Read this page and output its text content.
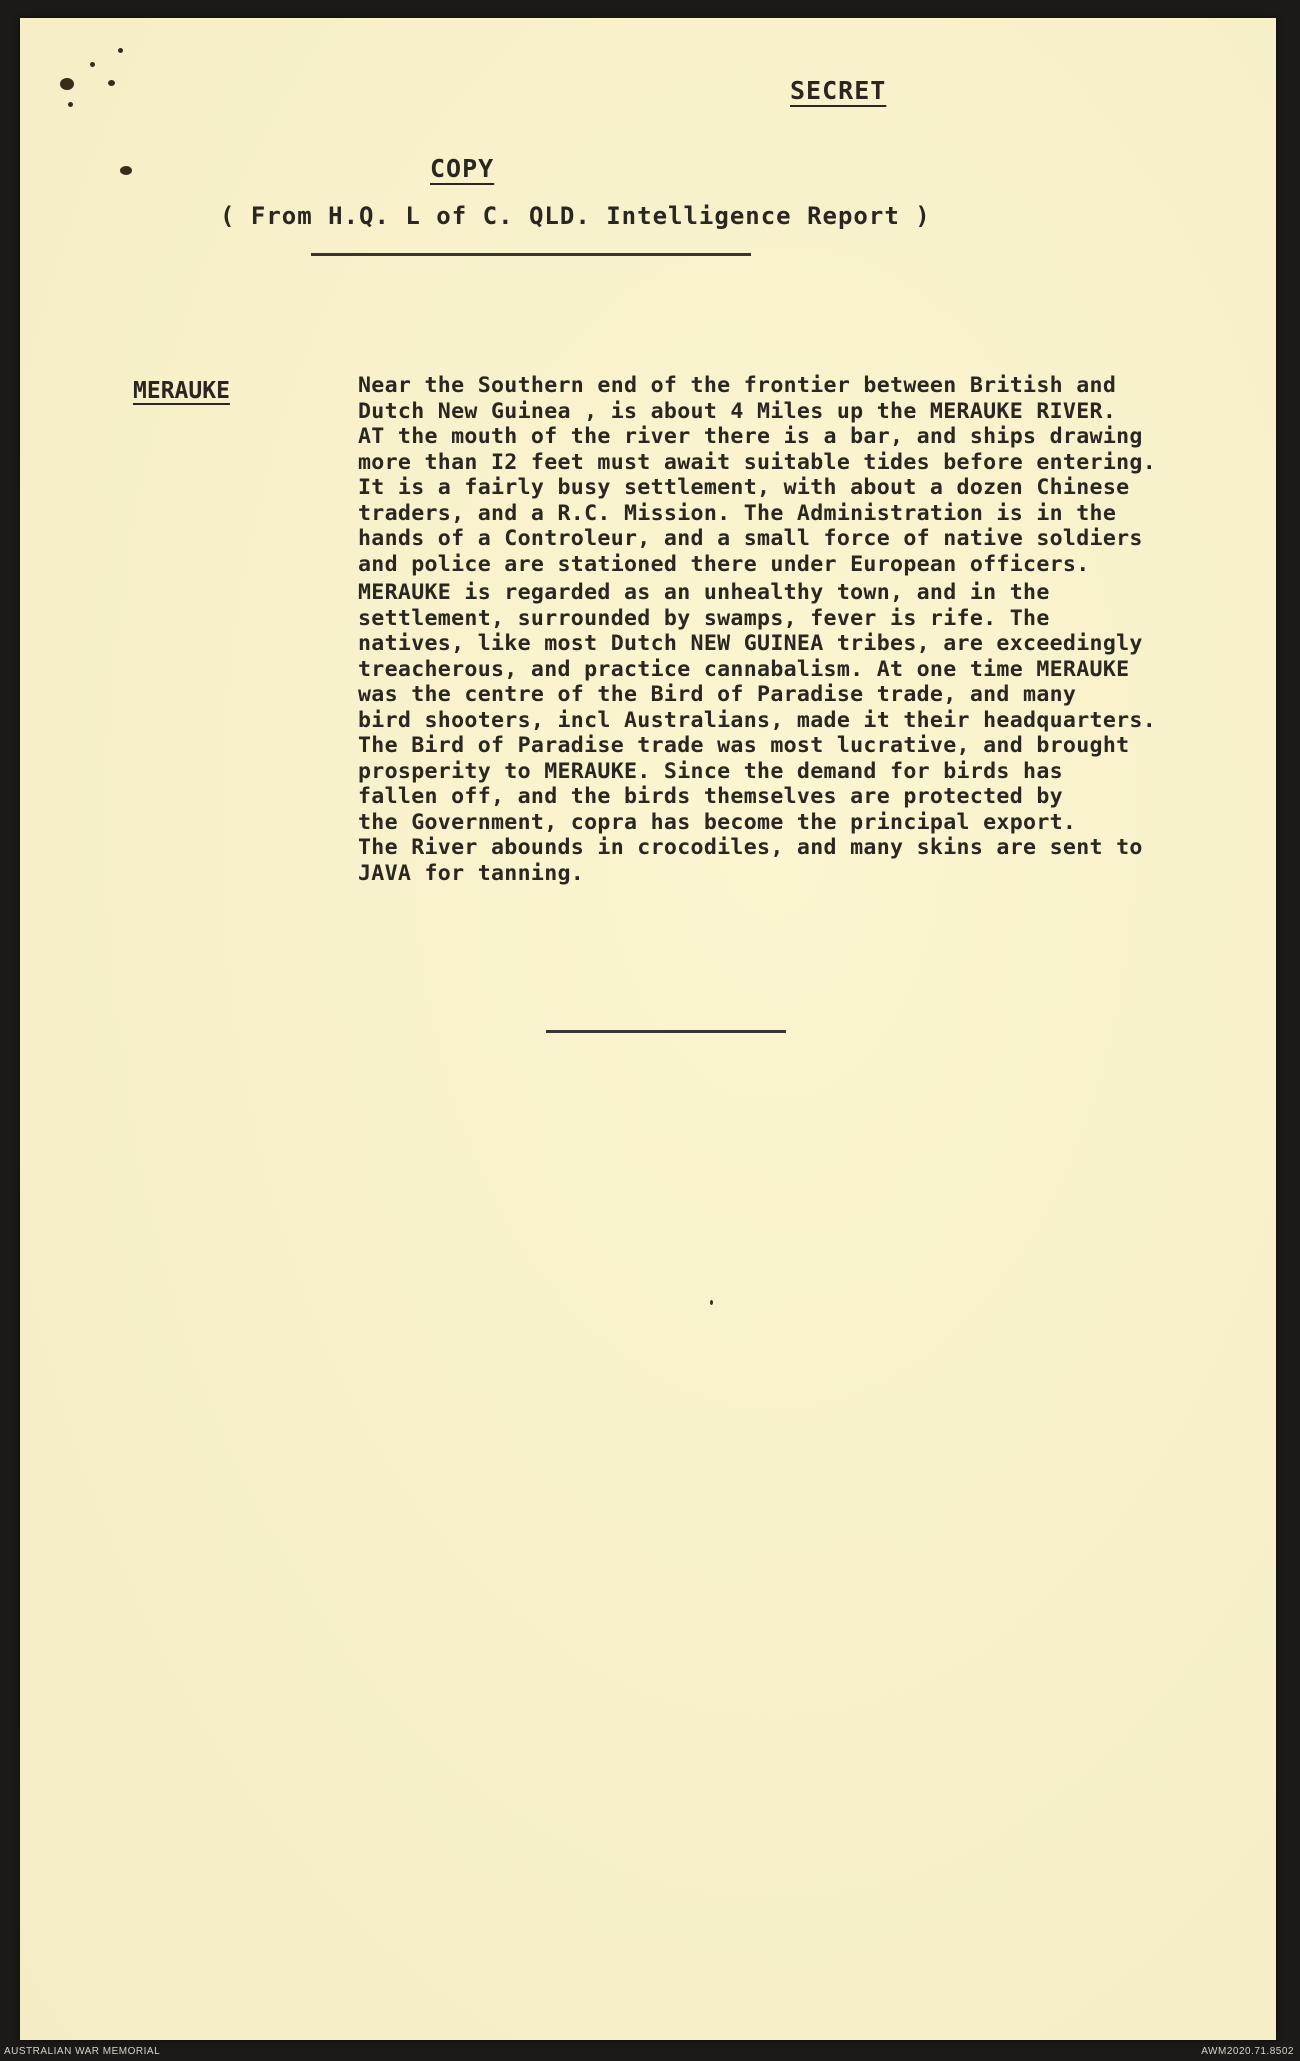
SECRET
COPY
( From H.Q. L of C. QLD. Intelligence Report )
MERAUKE	Near the Southern end of the frontier between British and
Dutch New Guinea , is about 4 Miles up the MERAUKE RIVER.
AT the mouth of the river there is a bar, and ships drawing
more than I2 feet must await suitable tides before entering.
It is a fairly busy settlement, with about a dozen Chinese
traders, and a R.C. Mission. The Administration is in the
hands of a Controleur, and a small force of native soldiers
and police are stationed there under European officers.
MERAUKE is regarded as an unhealthy town, and in the
settlement, surrounded by swamps, fever is rife. The
natives, like most Dutch NEW GUINEA tribes, are exceedingly
treacherous, and practice cannabalism. At one time MERAUKE
was the centre of the Bird of Paradise trade, and many
bird shooters, incl Australians, made it their headquarters.
The Bird of Paradise trade was most lucrative, and brought
prosperity to MERAUKE. Since the demand for birds has
fallen off, and the birds themselves are protected by
the Government, copra has become the principal export.
The River abounds in crocodiles, and many skins are sent to
JAVA for tanning.
AUSTRALIAN WAR MEMORIAL	AWM2020.71.8502
